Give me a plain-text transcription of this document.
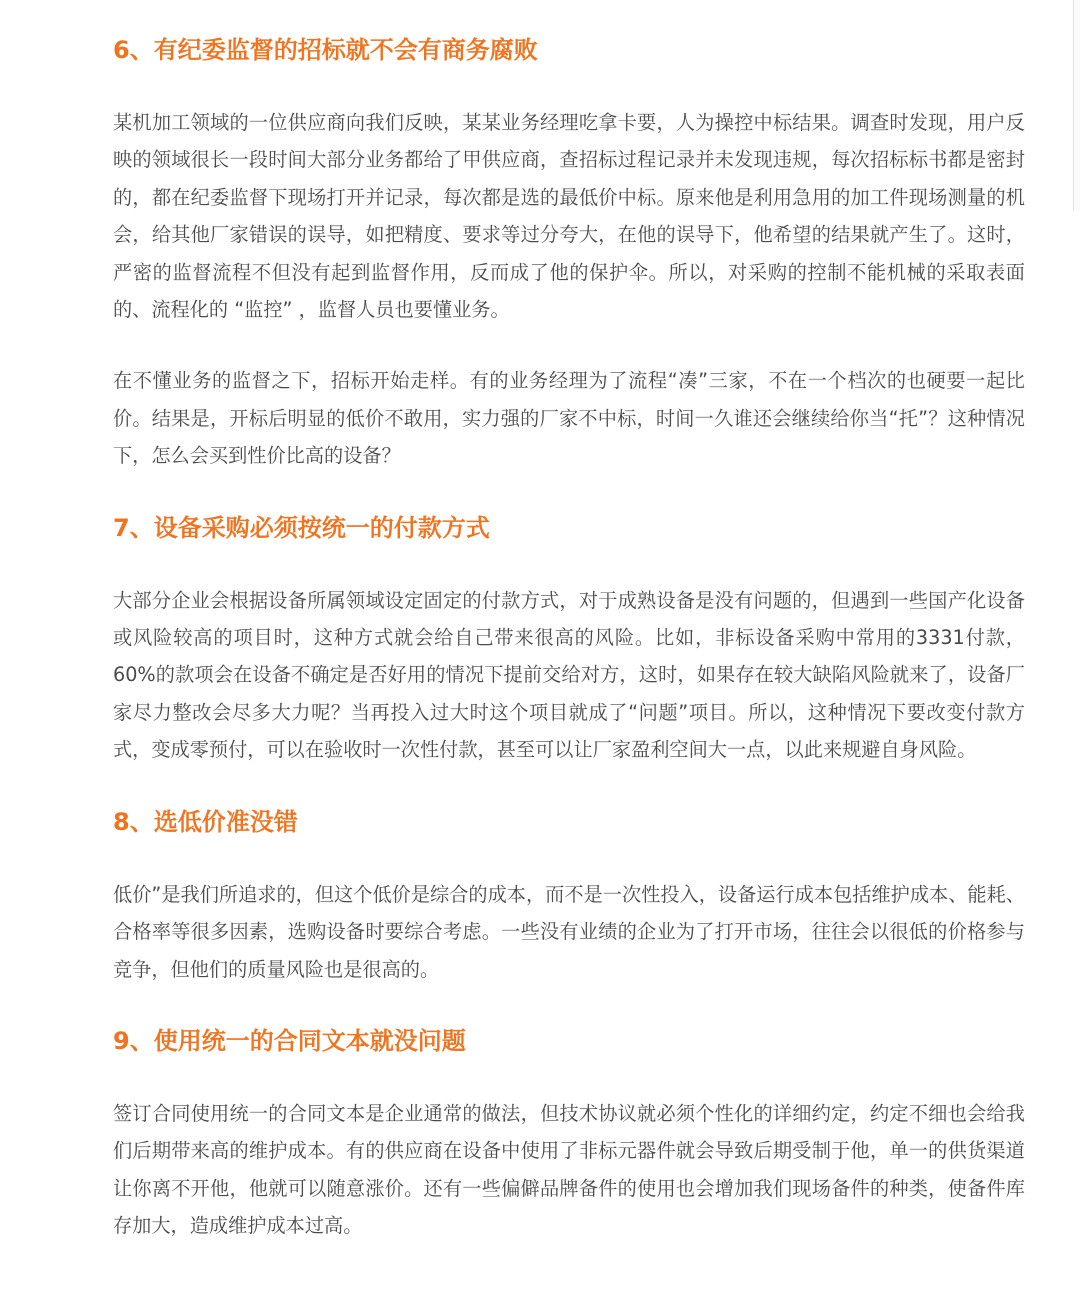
6、有纪委监督的招标就不会有商务腐败

某机加工领域的一位供应商向我们反映，某某业务经理吃拿卡要，人为操控中标结果。调查时发现，用户反映的领域很长一段时间大部分业务都给了甲供应商，查招标过程记录并未发现违规，每次招标标书都是密封的，都在纪委监督下现场打开并记录，每次都是选的最低价中标。原来他是利用急用的加工件现场测量的机会，给其他厂家错误的误导，如把精度、要求等过分夸大，在他的误导下，他希望的结果就产生了。这时，严密的监督流程不但没有起到监督作用，反而成了他的保护伞。所以，对采购的控制不能机械的采取表面的、流程化的 “监控” ，监督人员也要懂业务。

在不懂业务的监督之下，招标开始走样。有的业务经理为了流程“凑”三家，不在一个档次的也硬要一起比价。结果是，开标后明显的低价不敢用，实力强的厂家不中标，时间一久谁还会继续给你当“托”？这种情况下，怎么会买到性价比高的设备？

7、设备采购必须按统一的付款方式

大部分企业会根据设备所属领域设定固定的付款方式，对于成熟设备是没有问题的，但遇到一些国产化设备或风险较高的项目时，这种方式就会给自己带来很高的风险。比如，非标设备采购中常用的3331付款，60%的款项会在设备不确定是否好用的情况下提前交给对方，这时，如果存在较大缺陷风险就来了，设备厂家尽力整改会尽多大力呢？当再投入过大时这个项目就成了“问题”项目。所以，这种情况下要改变付款方式，变成零预付，可以在验收时一次性付款，甚至可以让厂家盈利空间大一点，以此来规避自身风险。

8、选低价准没错

低价”是我们所追求的，但这个低价是综合的成本，而不是一次性投入，设备运行成本包括维护成本、能耗、合格率等很多因素，选购设备时要综合考虑。一些没有业绩的企业为了打开市场，往往会以很低的价格参与竞争，但他们的质量风险也是很高的。

9、使用统一的合同文本就没问题

签订合同使用统一的合同文本是企业通常的做法，但技术协议就必须个性化的详细约定，约定不细也会给我们后期带来高的维护成本。有的供应商在设备中使用了非标元器件就会导致后期受制于他，单一的供货渠道让你离不开他，他就可以随意涨价。还有一些偏僻品牌备件的使用也会增加我们现场备件的种类，使备件库存加大，造成维护成本过高。
